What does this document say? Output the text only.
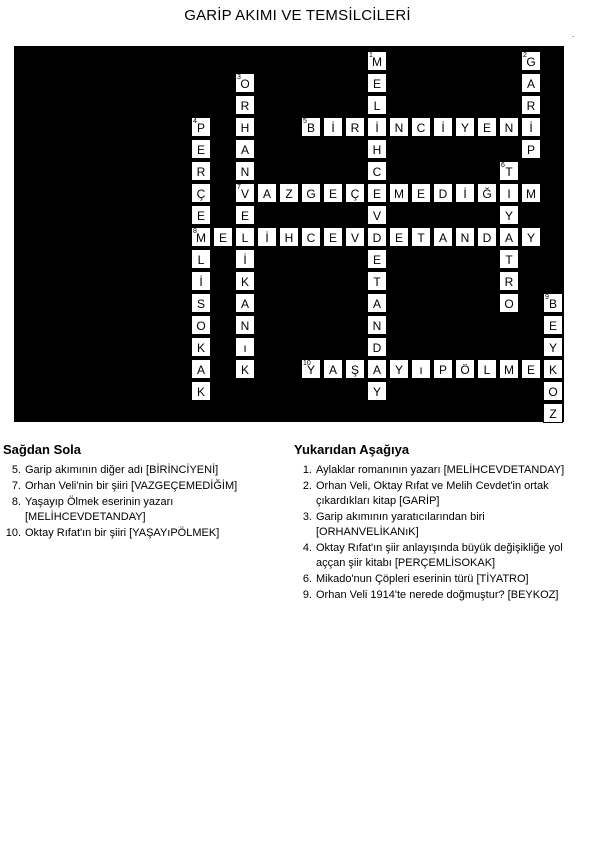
GARİP AKIMI VE TEMSİLCİLERİ
.
1 M
E
L
İ
H
C
E
V
D
E
T
A
N
D
A
Y
2 G
A
R
İ
P
3 O
R
H
A
N
7 V
E
L
İ
K
A
N
ı
K
4 P
E
R
Ç
E
8 M
L
İ
S
O
K
A
K
5 B	İ	R	N	C	İ	Y	E	N
6 T
I
Y
A
T
R
O
A	Z	G	E	Ç	M	E	D	İ	Ğ	M
E	İ	H	C	E	V	E	T	A	N	D	Y
9 B
E
Y
K
O
Z
10
Y	A	Ş	Y	ı	P	Ö	L	M	E
Sağdan Sola
5. Garip akımının diğer adı [BİRİNCİYENİ]
7. Orhan Veli'nin bir şiiri [VAZGEÇEMEDİĞİM]
8. Yaşayıp Ölmek eserinin yazarı [MELİHCEVDETANDAY]
10. Oktay Rıfat'ın bir şiiri [YAŞAYıPÖLMEK]
Yukarıdan Aşağıya
1. Aylaklar romanının yazarı [MELİHCEVDETANDAY]
2. Orhan Veli, Oktay Rıfat ve Melih Cevdet'in ortak çıkardıkları kitap [GARİP]
3. Garip akımının yaratıcılarından biri [ORHANVELİKANıK]
4. Oktay Rıfat'ın şiir anlayışında büyük değişikliğe yol aççan şiir kitabı [PERÇEMLİSOKAK]
6. Mikado'nun Çöpleri eserinin türü [TİYATRO]
9. Orhan Veli 1914'te nerede doğmuştur? [BEYKOZ]
